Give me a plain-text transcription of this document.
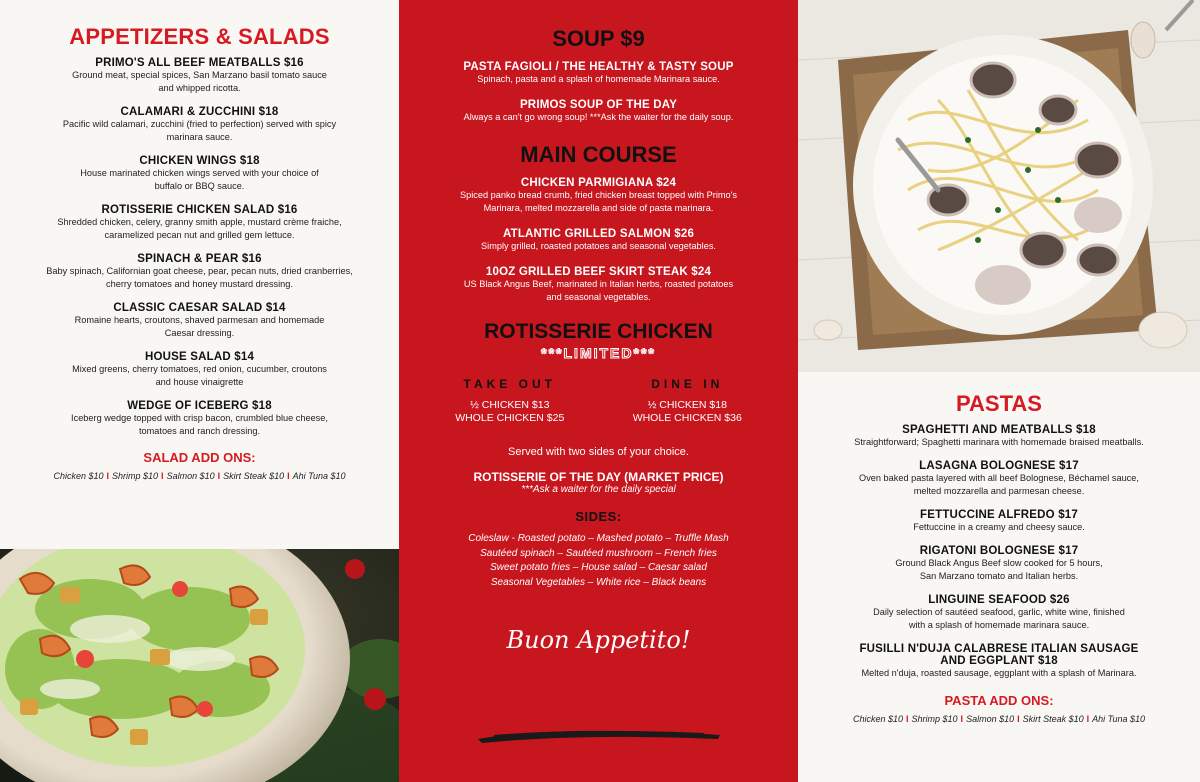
APPETIZERS & SALADS
PRIMO'S ALL BEEF MEATBALLS $16
Ground meat, special spices, San Marzano basil tomato sauce
and whipped ricotta.
CALAMARI & ZUCCHINI $18
Pacific wild calamari, zucchini (fried to perfection) served with spicy
marinara sauce.
CHICKEN WINGS $18
House marinated chicken wings served with your choice of
buffalo or BBQ sauce.
ROTISSERIE CHICKEN SALAD $16
Shredded chicken, celery, granny smith apple, mustard crème fraiche,
caramelized pecan nut and grilled gem lettuce.
SPINACH & PEAR $16
Baby spinach, Californian goat cheese, pear, pecan nuts, dried cranberries,
cherry tomatoes and honey mustard dressing.
CLASSIC CAESAR SALAD $14
Romaine hearts, croutons, shaved parmesan and homemade
Caesar dressing.
HOUSE SALAD $14
Mixed greens, cherry tomatoes, red onion, cucumber, croutons
and house vinaigrette
WEDGE OF ICEBERG $18
Iceberg wedge topped with crisp bacon, crumbled blue cheese,
tomatoes and ranch dressing.
SALAD ADD ONS:
Chicken $10 I Shrimp $10 I Salmon $10 I Skirt Steak $10 I Ahi Tuna $10
SOUP $9
PASTA FAGIOLI / THE HEALTHY & TASTY SOUP
Spinach, pasta and a splash of homemade Marinara sauce.
PRIMOS SOUP OF THE DAY
Always a can't go wrong soup! ***Ask the waiter for the daily soup.
MAIN COURSE
CHICKEN PARMIGIANA $24
Spiced panko bread crumb, fried chicken breast topped with Primo's
Marinara, melted mozzarella and side of pasta marinara.
ATLANTIC GRILLED SALMON $26
Simply grilled, roasted potatoes and seasonal vegetables.
10OZ GRILLED BEEF SKIRT STEAK $24
US Black Angus Beef, marinated in Italian herbs, roasted potatoes
and seasonal vegetables.
ROTISSERIE CHICKEN
***LIMITED***
TAKE OUT
½ CHICKEN $13
WHOLE CHICKEN $25
DINE IN
½ CHICKEN $18
WHOLE CHICKEN $36
Served with two sides of your choice.
ROTISSERIE OF THE DAY (MARKET PRICE)
***Ask a waiter for the daily special
SIDES:
Coleslaw - Roasted potato – Mashed potato – Truffle Mash
Sautéed spinach – Sautéed mushroom – French fries
Sweet potato fries – House salad – Caesar salad
Seasonal Vegetables – White rice – Black beans
Buon Appetito!
PASTAS
SPAGHETTI AND MEATBALLS $18
Straightforward; Spaghetti marinara with homemade braised meatballs.
LASAGNA BOLOGNESE $17
Oven baked pasta layered with all beef Bolognese, Béchamel sauce,
melted mozzarella and parmesan cheese.
FETTUCCINE ALFREDO $17
Fettuccine in a creamy and cheesy sauce.
RIGATONI BOLOGNESE $17
Ground Black Angus Beef slow cooked for 5 hours,
San Marzano tomato and Italian herbs.
LINGUINE SEAFOOD $26
Daily selection of sautéed seafood, garlic, white wine, finished
with a splash of homemade marinara sauce.
FUSILLI N'DUJA CALABRESE ITALIAN SAUSAGE
AND EGGPLANT $18
Melted n'duja, roasted sausage, eggplant with a splash of Marinara.
PASTA ADD ONS:
Chicken $10 I Shrimp $10 I Salmon $10 I Skirt Steak $10 I Ahi Tuna $10
